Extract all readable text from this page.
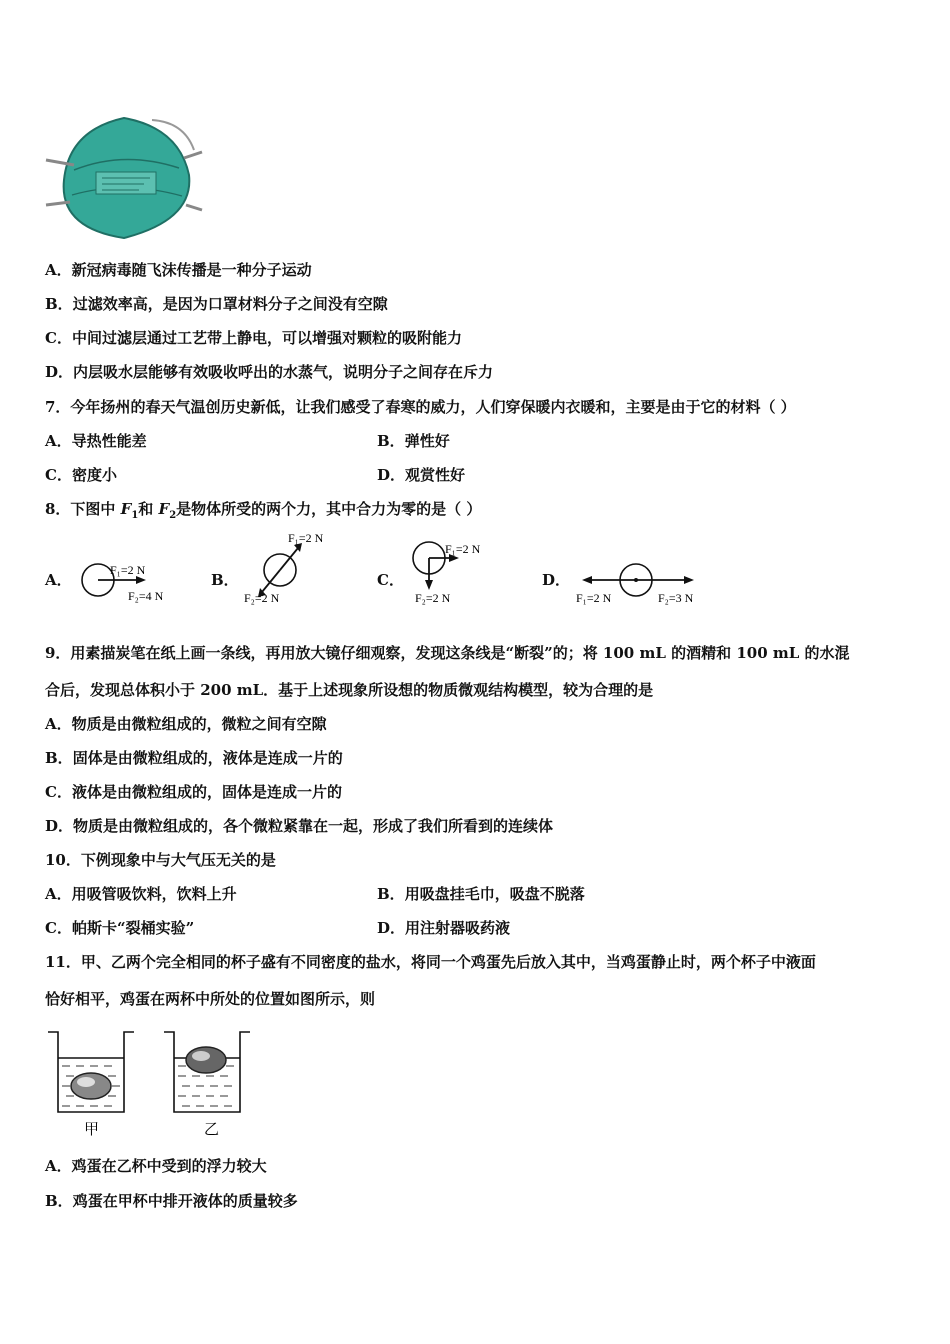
A．新冠病毒随飞沫传播是一种分子运动
B．过滤效率高，是因为口罩材料分子之间没有空隙
C．中间过滤层通过工艺带上静电，可以增强对颗粒的吸附能力
D．内层吸水层能够有效吸收呼出的水蒸气，说明分子之间存在斥力
7．今年扬州的春天气温创历史新低，让我们感受了春寒的威力，人们穿保暖内衣暖和，主要是由于它的材料（ ）
A．导热性能差	B．弹性好
C．密度小	D．观赏性好
8．下图中 $F_1$和 $F_2$是物体所受的两个力，其中合力为零的是（ ）
A．
F₁=2 N
F₂=4 N
B．
F₁=2 N
F₂=2 N
C．
F₁=2 N
F₂=2 N
D．
F₁=2 N	F₂=3 N
9．用素描炭笔在纸上画一条线，再用放大镜仔细观察，发现这条线是“断裂”的；将 100 mL 的酒精和 100 mL 的水混
合后，发现总体积小于 200 mL．基于上述现象所设想的物质微观结构模型，较为合理的是
A．物质是由微粒组成的，微粒之间有空隙
B．固体是由微粒组成的，液体是连成一片的
C．液体是由微粒组成的，固体是连成一片的
D．物质是由微粒组成的，各个微粒紧靠在一起，形成了我们所看到的连续体
10．下例现象中与大气压无关的是
A．用吸管吸饮料，饮料上升	B．用吸盘挂毛巾，吸盘不脱落
C．帕斯卡“裂桶实验”	D．用注射器吸药液
11．甲、乙两个完全相同的杯子盛有不同密度的盐水，将同一个鸡蛋先后放入其中，当鸡蛋静止时，两个杯子中液面
恰好相平，鸡蛋在两杯中所处的位置如图所示，则
甲	乙
A．鸡蛋在乙杯中受到的浮力较大
B．鸡蛋在甲杯中排开液体的质量较多
